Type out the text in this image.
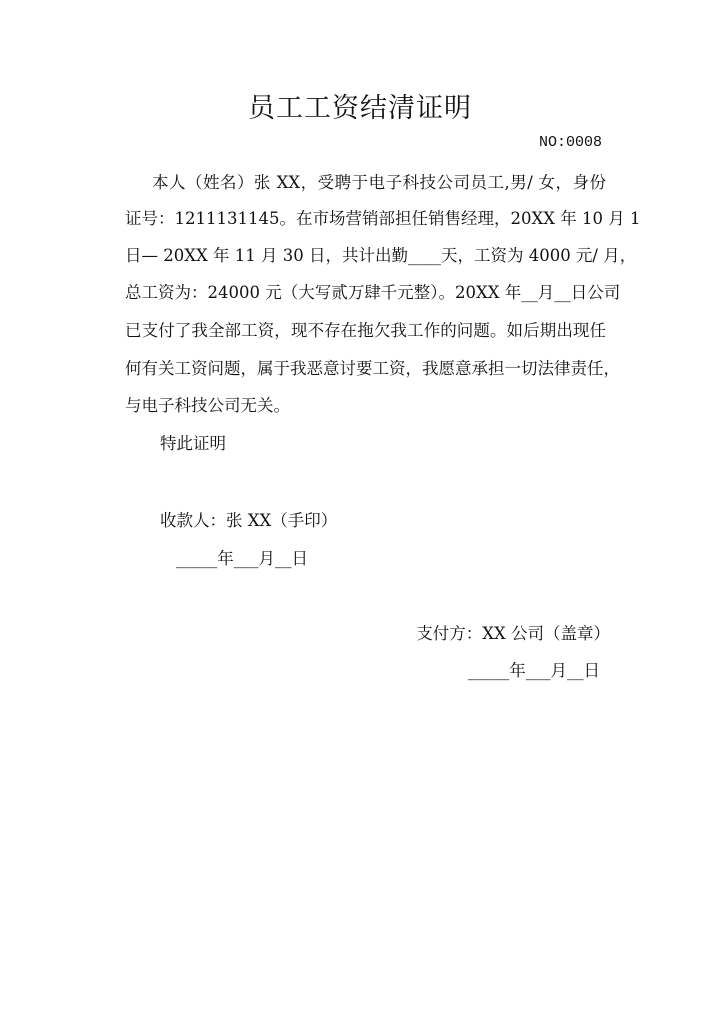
员工工资结清证明
NO:0008
本人（姓名）张 XX，受聘于电子科技公司员工,男/ 女，身份
证号：1211131145。在市场营销部担任销售经理，20XX 年 10 月 1
日— 20XX 年 11 月 30 日，共计出勤____天，工资为 4000 元/ 月，
总工资为：24000 元（大写贰万肆千元整）。20XX 年__月__日公司
已支付了我全部工资，现不存在拖欠我工作的问题。如后期出现任
何有关工资问题，属于我恶意讨要工资，我愿意承担一切法律责任，
与电子科技公司无关。
特此证明
收款人：张 XX（手印）
_____年___月__日
支付方：XX 公司（盖章）
_____年___月__日
